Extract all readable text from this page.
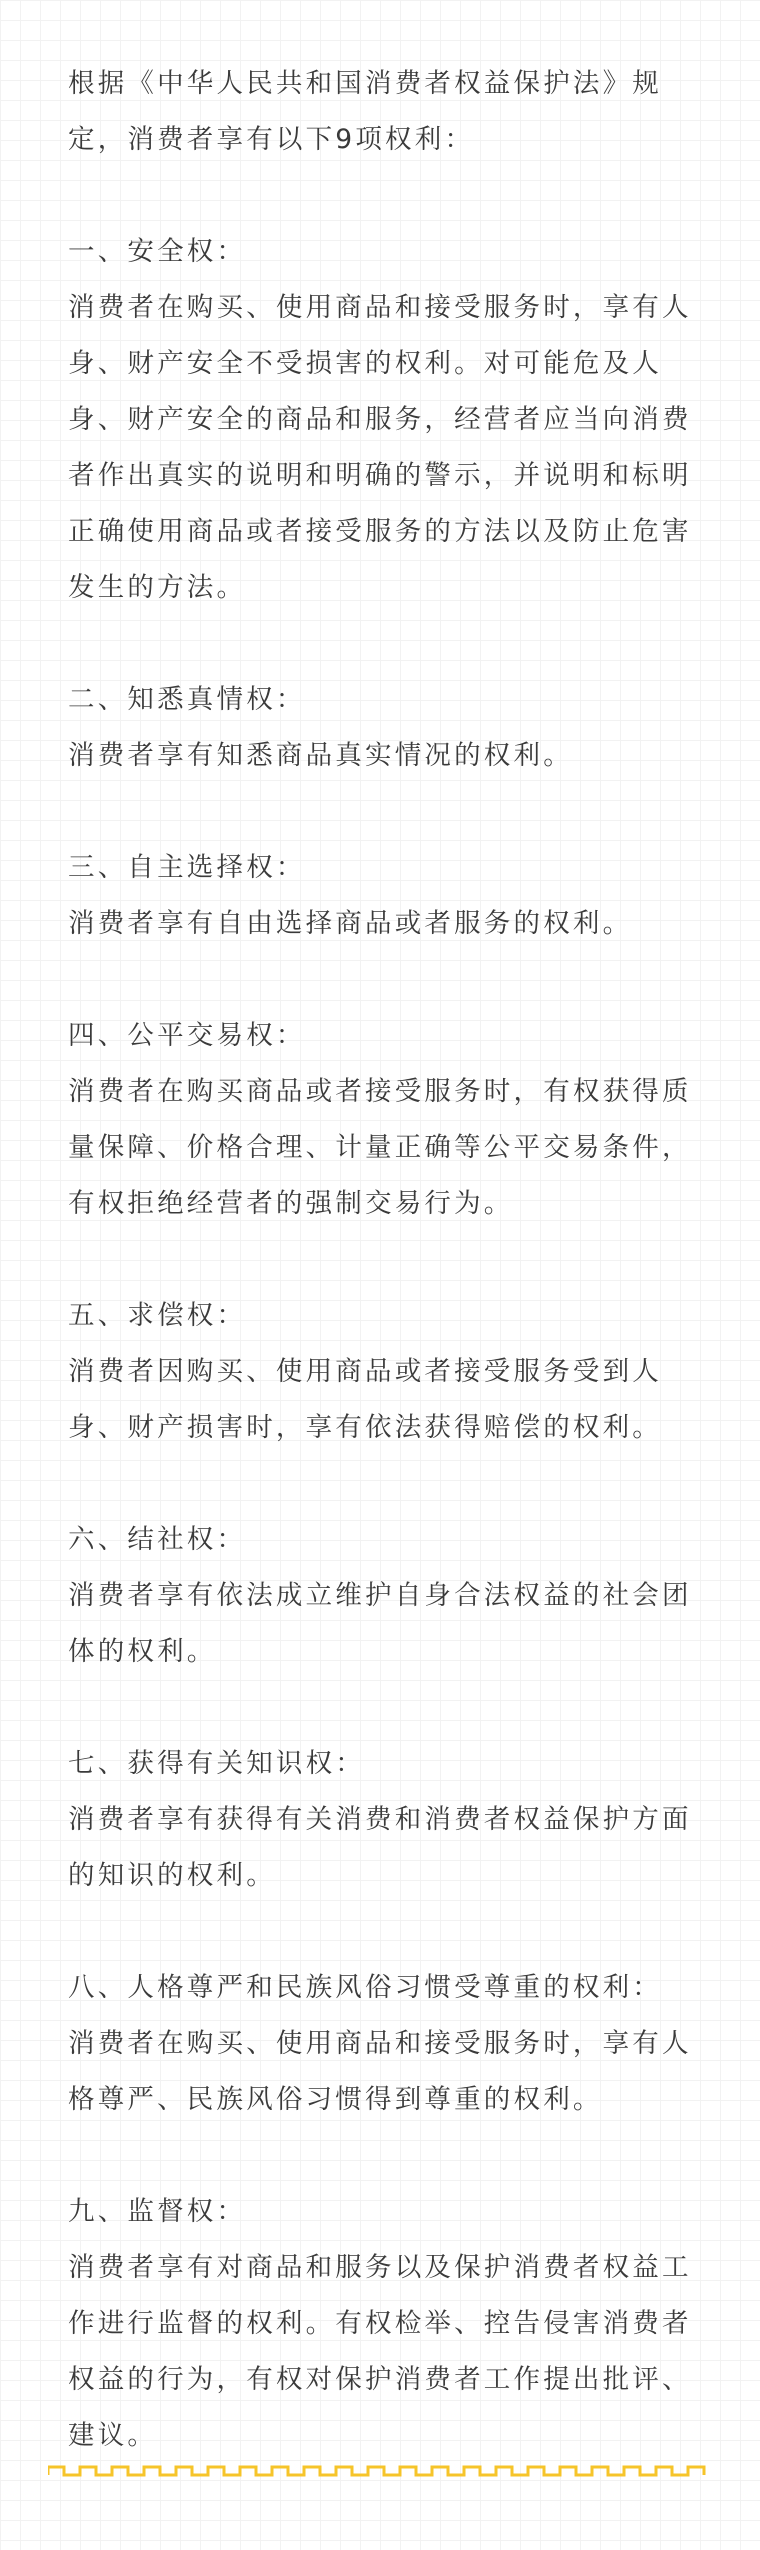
根据《中华人民共和国消费者权益保护法》规定，消费者享有以下9项权利：

一、安全权：

消费者在购买、使用商品和接受服务时，享有人身、财产安全不受损害的权利。对可能危及人身、财产安全的商品和服务，经营者应当向消费者作出真实的说明和明确的警示，并说明和标明正确使用商品或者接受服务的方法以及防止危害发生的方法。

二、知悉真情权：

消费者享有知悉商品真实情况的权利。

三、自主选择权：

消费者享有自由选择商品或者服务的权利。

四、公平交易权：

消费者在购买商品或者接受服务时，有权获得质量保障、价格合理、计量正确等公平交易条件，有权拒绝经营者的强制交易行为。

五、求偿权：

消费者因购买、使用商品或者接受服务受到人身、财产损害时，享有依法获得赔偿的权利。

六、结社权：

消费者享有依法成立维护自身合法权益的社会团体的权利。

七、获得有关知识权：

消费者享有获得有关消费和消费者权益保护方面的知识的权利。

八、人格尊严和民族风俗习惯受尊重的权利：

消费者在购买、使用商品和接受服务时，享有人格尊严、民族风俗习惯得到尊重的权利。

九、监督权：

消费者享有对商品和服务以及保护消费者权益工作进行监督的权利。有权检举、控告侵害消费者权益的行为，有权对保护消费者工作提出批评、建议。
